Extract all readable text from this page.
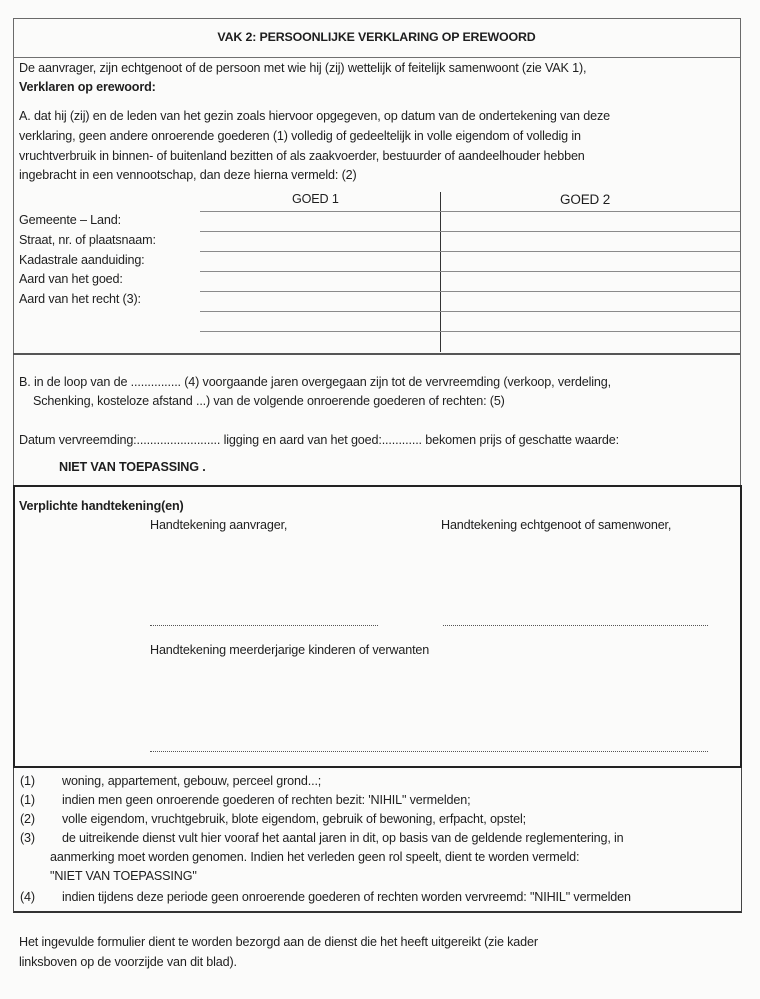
VAK 2: PERSOONLIJKE VERKLARING OP EREWOORD
De aanvrager, zijn echtgenoot of de persoon met wie hij (zij) wettelijk of feitelijk samenwoont (zie VAK 1),
Verklaren op erewoord:
A. dat hij (zij) en de leden van het gezin zoals hiervoor opgegeven, op datum van de ondertekening van deze
verklaring, geen andere onroerende goederen (1) volledig of gedeeltelijk in volle eigendom of volledig in
vruchtverbruik in binnen- of buitenland bezitten of als zaakvoerder, bestuurder of aandeelhouder hebben
ingebracht in een vennootschap, dan deze hierna vermeld: (2)
GOED 1	GOED 2
Gemeente – Land:
Straat, nr. of plaatsnaam:
Kadastrale aanduiding:
Aard van het goed:
Aard van het recht (3):
B. in de loop van de ............... (4) voorgaande jaren overgegaan zijn tot de vervreemding (verkoop, verdeling,
Schenking, kosteloze afstand ...) van de volgende onroerende goederen of rechten: (5)
Datum vervreemding:......................... ligging en aard van het goed:............ bekomen prijs of geschatte waarde:
NIET VAN TOEPASSING .
Verplichte handtekening(en)
Handtekening aanvrager,	Handtekening echtgenoot of samenwoner,
Handtekening meerderjarige kinderen of verwanten
(1) woning, appartement, gebouw, perceel grond...;
(1) indien men geen onroerende goederen of rechten bezit: 'NIHIL" vermelden;
(2) volle eigendom, vruchtgebruik, blote eigendom, gebruik of bewoning, erfpacht, opstel;
(3) de uitreikende dienst vult hier vooraf het aantal jaren in dit, op basis van de geldende reglementering, in
aanmerking moet worden genomen. Indien het verleden geen rol speelt, dient te worden vermeld:
"NIET VAN TOEPASSING"
(4) indien tijdens deze periode geen onroerende goederen of rechten worden vervreemd: "NIHIL" vermelden
Het ingevulde formulier dient te worden bezorgd aan de dienst die het heeft uitgereikt (zie kader
linksboven op de voorzijde van dit blad).
